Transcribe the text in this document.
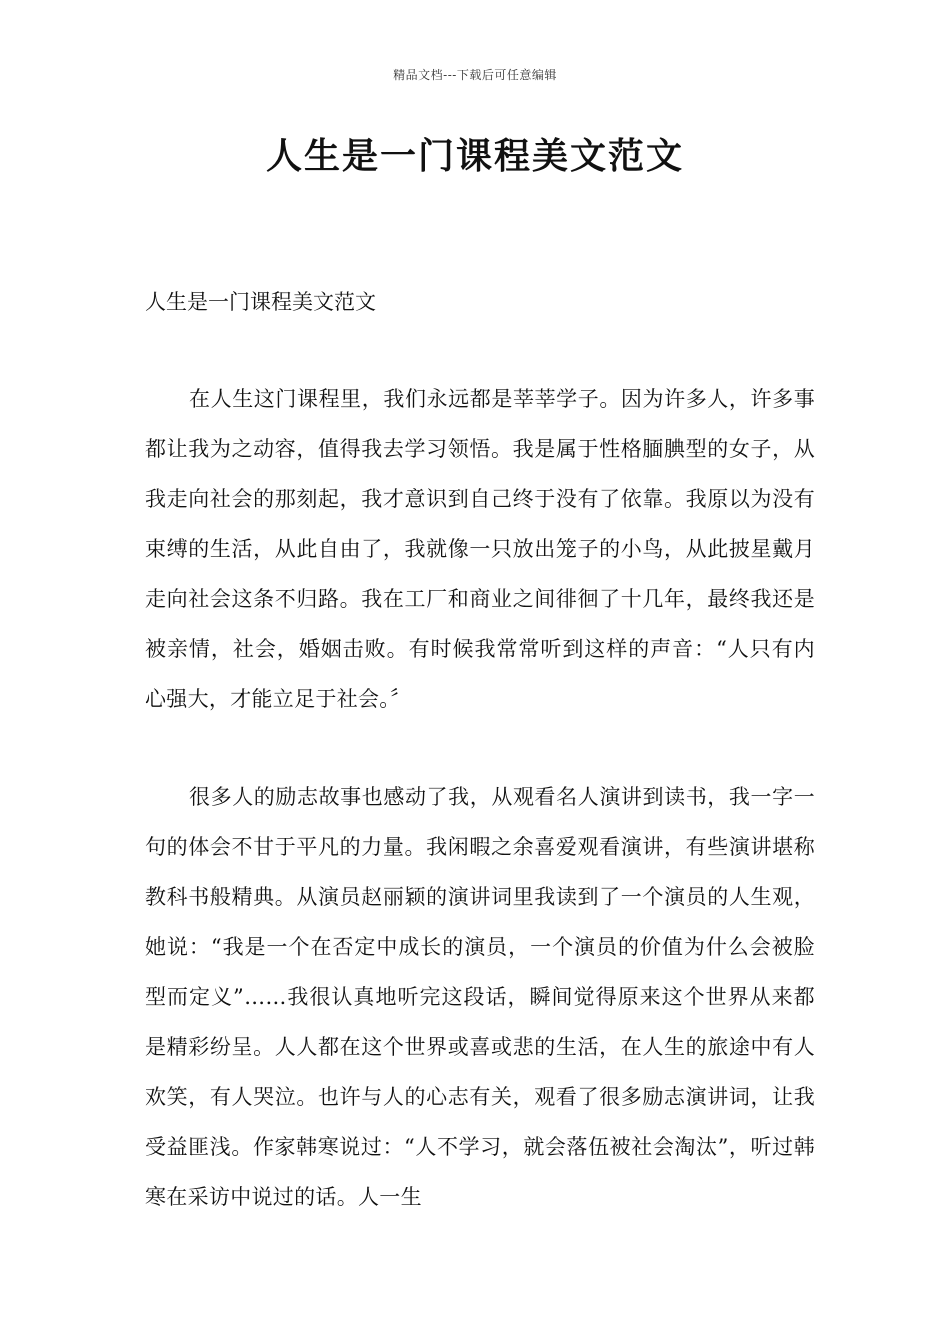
精品文档---下载后可任意编辑
人生是一门课程美文范文

人生是一门课程美文范文

在人生这门课程里，我们永远都是莘莘学子。因为许多人，许多事都让我为之动容，值得我去学习领悟。我是属于性格腼腆型的女子，从我走向社会的那刻起，我才意识到自己终于没有了依靠。我原以为没有束缚的生活，从此自由了，我就像一只放出笼子的小鸟，从此披星戴月走向社会这条不归路。我在工厂和商业之间徘徊了十几年，最终我还是被亲情，社会，婚姻击败。有时候我常常听到这样的声音：“人只有内心强大，才能立足于社会。〞

很多人的励志故事也感动了我，从观看名人演讲到读书，我一字一句的体会不甘于平凡的力量。我闲暇之余喜爱观看演讲，有些演讲堪称教科书般精典。从演员赵丽颖的演讲词里我读到了一个演员的人生观，她说：“我是一个在否定中成长的演员，一个演员的价值为什么会被脸型而定义”……我很认真地听完这段话，瞬间觉得原来这个世界从来都是精彩纷呈。人人都在这个世界或喜或悲的生活，在人生的旅途中有人欢笑，有人哭泣。也许与人的心志有关，观看了很多励志演讲词，让我受益匪浅。作家韩寒说过：“人不学习，就会落伍被社会淘汰”，听过韩寒在采访中说过的话。人一生
